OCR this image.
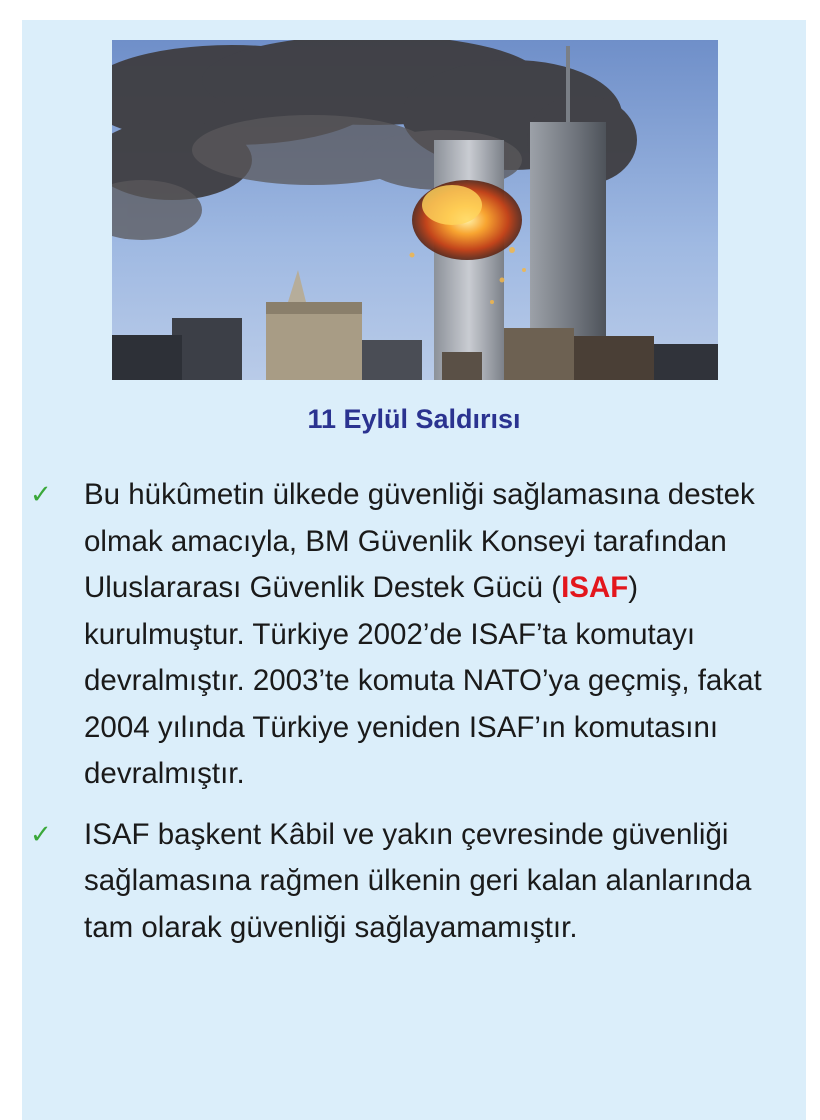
11 Eylül Saldırısı
✓ Bu hükûmetin ülkede güvenliği sağlamasına destek olmak amacıyla, BM Güvenlik Konseyi tarafından Uluslararası Güvenlik Destek Gücü (ISAF) kurulmuştur. Türkiye 2002’de ISAF’ta komutayı devralmıştır. 2003’te komuta NATO’ya geçmiş, fakat 2004 yılında Türkiye yeniden ISAF’ın komutasını devralmıştır.
✓ ISAF başkent Kâbil ve yakın çevresinde güvenliği sağlamasına rağmen ülkenin geri kalan alanlarında tam olarak güvenliği sağlayamamıştır.
